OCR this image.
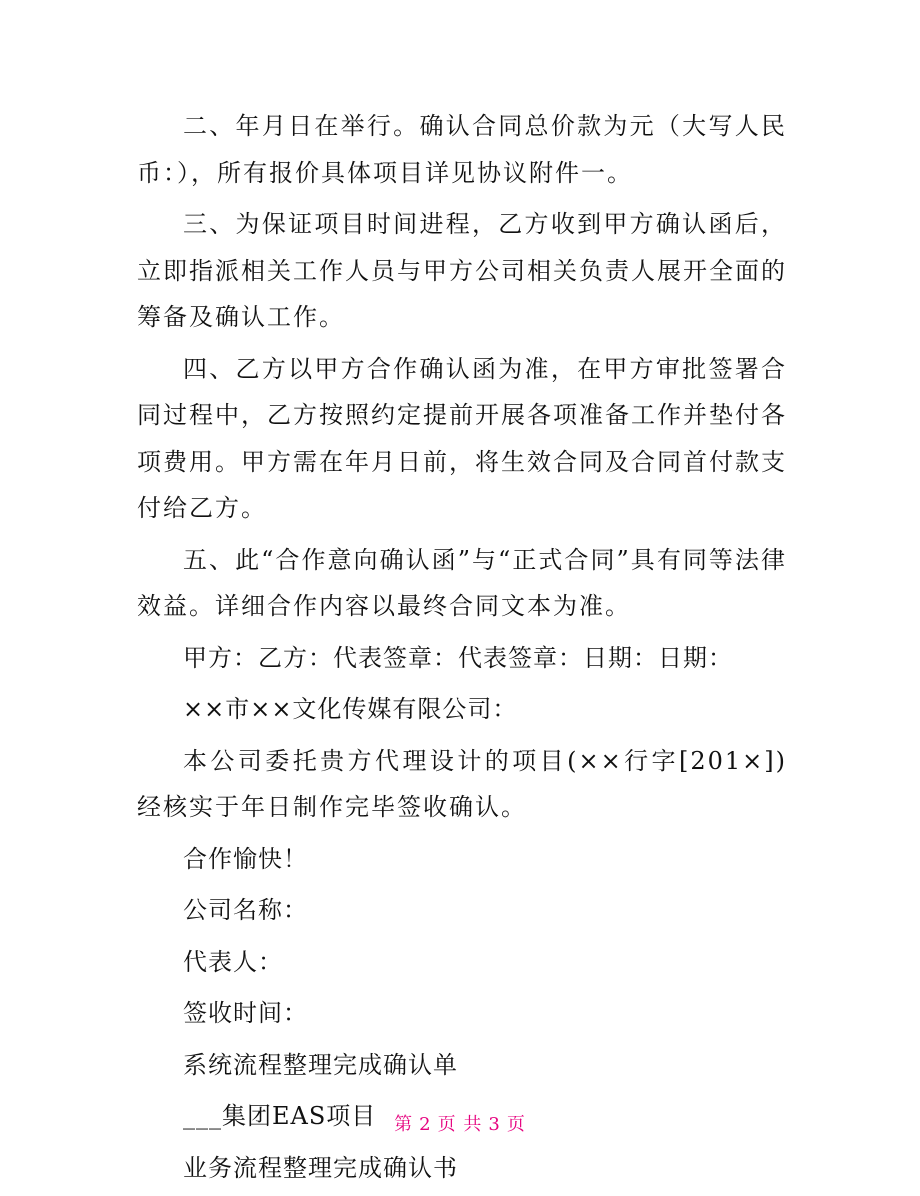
二、年月日在举行。确认合同总价款为元（大写人民币：），所有报价具体项目详见协议附件一。

三、为保证项目时间进程，乙方收到甲方确认函后，立即指派相关工作人员与甲方公司相关负责人展开全面的筹备及确认工作。

四、乙方以甲方合作确认函为准，在甲方审批签署合同过程中，乙方按照约定提前开展各项准备工作并垫付各项费用。甲方需在年月日前，将生效合同及合同首付款支付给乙方。

五、此“合作意向确认函”与“正式合同”具有同等法律效益。详细合作内容以最终合同文本为准。

甲方：乙方：代表签章：代表签章：日期：日期：

××市××文化传媒有限公司：

本公司委托贵方代理设计的项目(××行字[201×])经核实于年日制作完毕签收确认。

合作愉快！

公司名称：

代表人：

签收时间：

系统流程整理完成确认单

___集团EAS项目

业务流程整理完成确认书

第 2 页 共 3 页
